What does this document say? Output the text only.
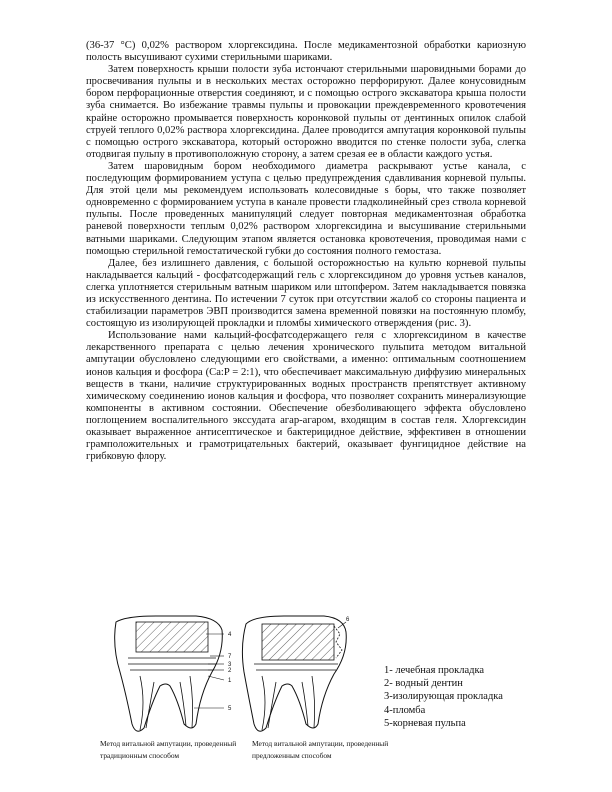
(36-37 °С) 0,02% раствором хлоргексидина. После медикаментозной обработки кариозную полость высушивают сухими стерильными шариками.

Затем поверхность крыши полости зуба истончают стерильными шаровидными борами до просвечивания пульпы и в нескольких местах осторожно перфорируют. Далее конусовидным бором перфорационные отверстия соединяют, и с помощью острого экскаватора крыша полости зуба снимается. Во избежание травмы пульпы и провокации преждевременного кровотечения крайне осторожно промывается поверхность коронковой пульпы от дентинных опилок слабой струей теплого 0,02% раствора хлоргексидина. Далее проводится ампутация коронковой пульпы с помощью острого экскаватора, который осторожно вводится по стенке полости зуба, слегка отодвигая пульпу в противоположную сторону, а затем срезая ее в области каждого устья.

Затем шаровидным бором необходимого диаметра раскрывают устье канала, с последующим формированием уступа с целью предупреждения сдавливания корневой пульпы. Для этой цели мы рекомендуем использовать колесовидные s боры, что также позволяет одновременно с формированием уступа в канале провести гладколинейный срез ствола корневой пульпы. После проведенных манипуляций следует повторная медикаментозная обработка раневой поверхности теплым 0,02% раствором хлоргексидина и высушивание стерильными ватными шариками. Следующим этапом является остановка кровотечения, проводимая нами с помощью стерильной гемостатической губки до состояния полного гемостаза.

Далее, без излишнего давления, с большой осторожностью на культю корневой пульпы накладывается кальций - фосфатсодержащий гель с хлоргексидином до уровня устьев каналов, слегка уплотняется стерильным ватным шариком или штопфером. Затем накладывается повязка из искусственного дентина. По истечении 7 суток при отсутствии жалоб со стороны пациента и стабилизации параметров ЭВП производится замена временной повязки на постоянную пломбу, состоящую из изолирующей прокладки и пломбы химического отверждения (рис. 3).

Использование нами кальций-фосфатсодержащего геля с хлоргексидином в качестве лекарственного препарата с целью лечения хронического пульпита методом витальной ампутации обусловлено следующими его свойствами, а именно: оптимальным соотношением ионов кальция и фосфора (Ca:P = 2:1), что обеспечивает максимальную диффузию минеральных веществ в ткани, наличие структурированных водных пространств препятствует активному химическому соединению ионов кальция и фосфора, что позволяет сохранить минерализующие компоненты в активном состоянии. Обеспечение обезболивающего эффекта обусловлено поглощением воспалительного экссудата агар-агаром, входящим в состав геля. Хлоргексидин оказывает выраженное антисептическое и бактерицидное действие, эффективен в отношении грамположительных и грамотрицательных бактерий, оказывает фунгицидное действие на грибковую флору.

4
7
3
2
1
5
6
Метод витальной ампутации, проведенный традиционным способом
Метод витальной ампутации, проведенный предложенным способом
1- лечебная прокладка
2- водный дентин
3-изолирующая прокладка
4-пломба
5-корневая пульпа
